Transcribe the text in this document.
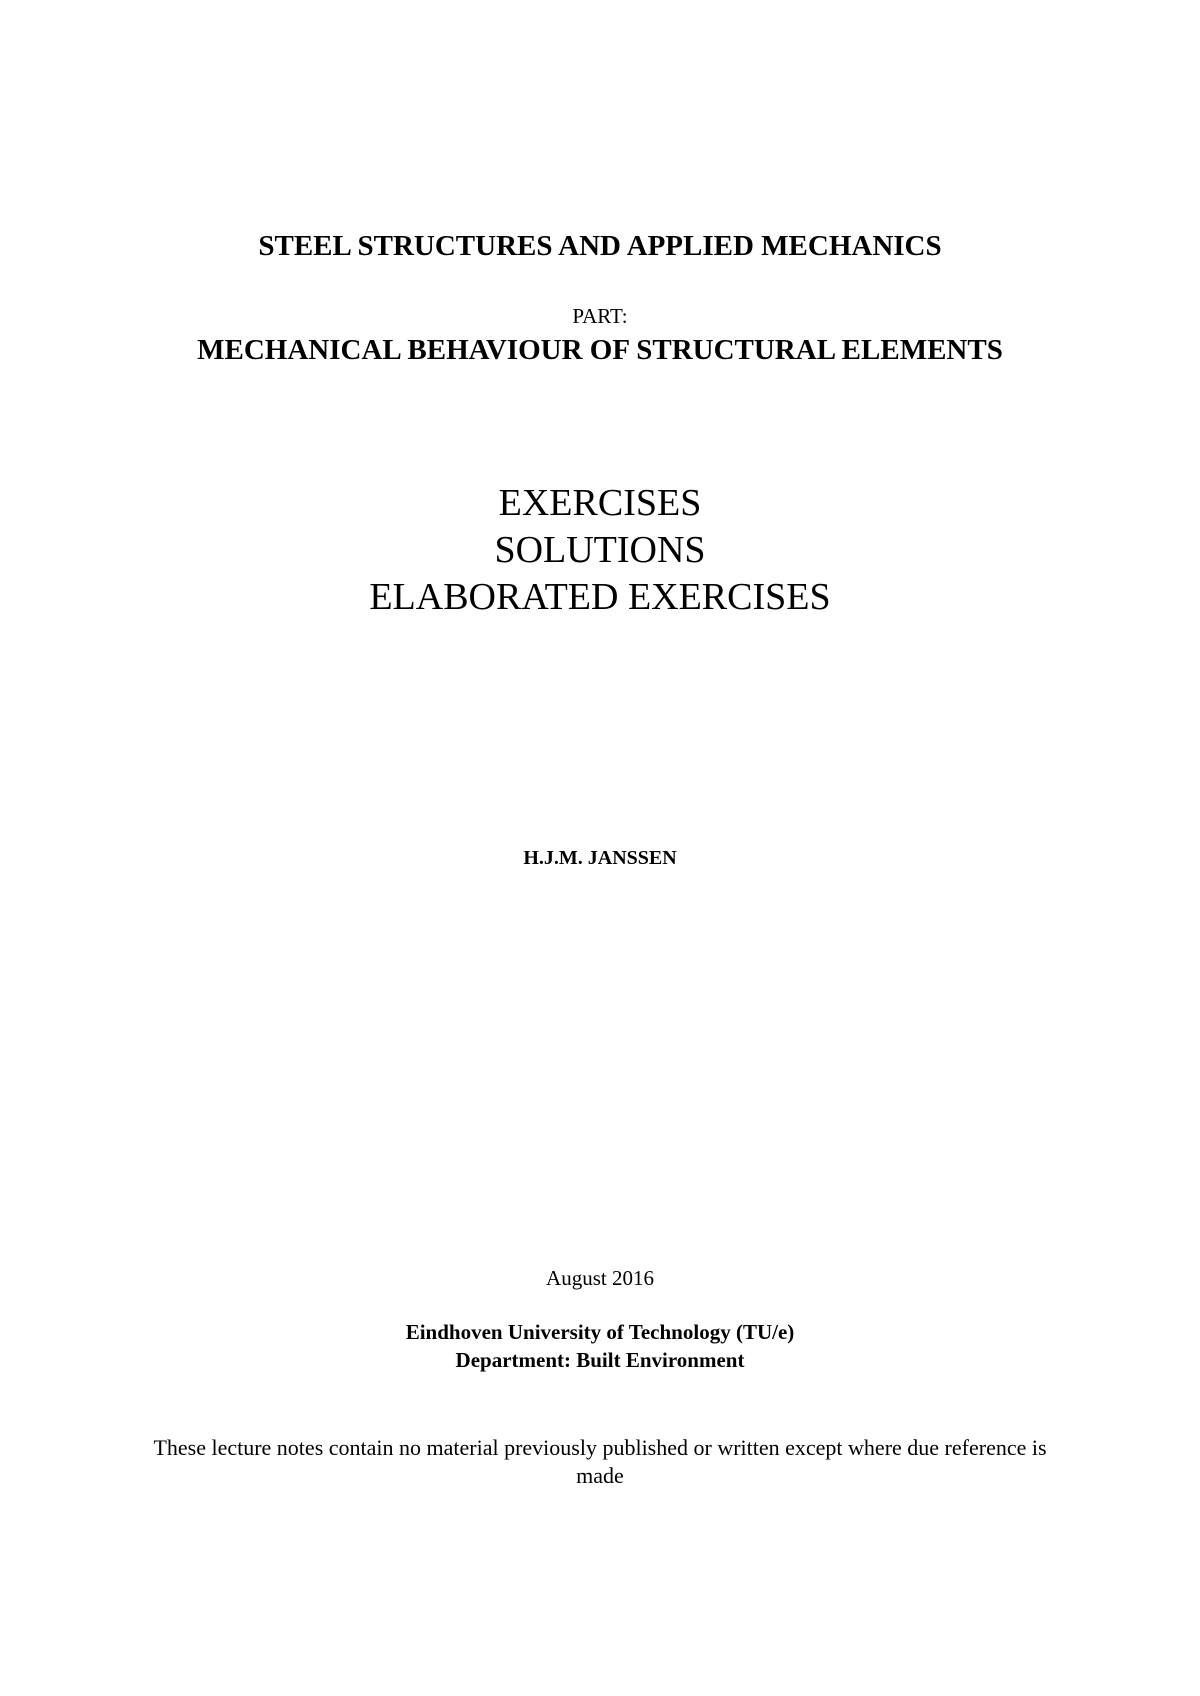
STEEL STRUCTURES AND APPLIED MECHANICS
PART:
MECHANICAL BEHAVIOUR OF STRUCTURAL ELEMENTS
EXERCISES
SOLUTIONS
ELABORATED EXERCISES
H.J.M. JANSSEN
August 2016
Eindhoven University of Technology (TU/e)
Department: Built Environment
These lecture notes contain no material previously published or written except where due reference is made
